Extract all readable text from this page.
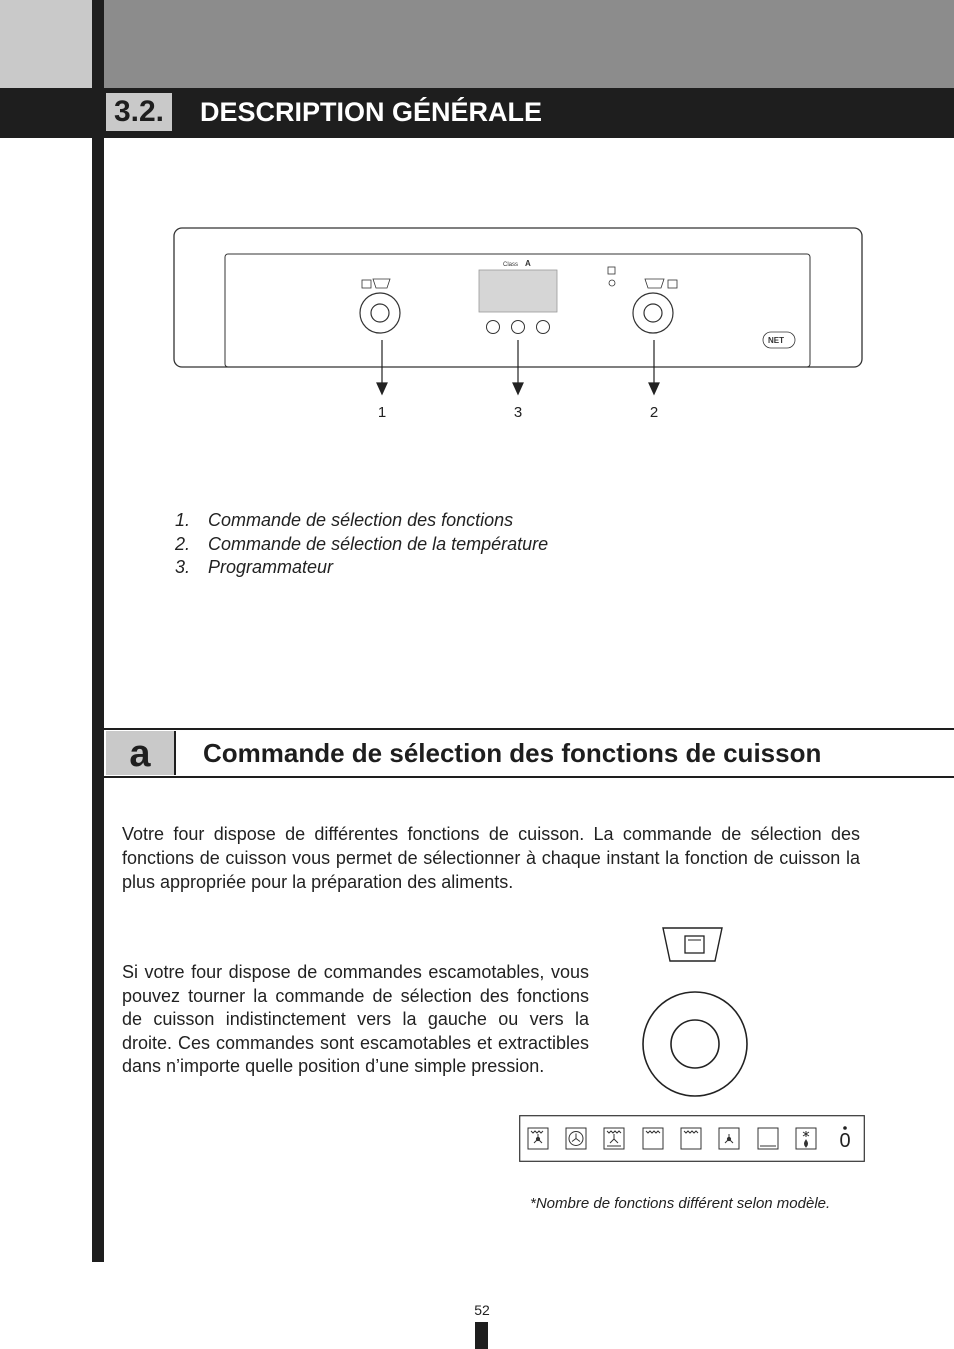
3.2. DESCRIPTION GÉNÉRALE
Class A
NET
1	3	2
1. Commande de sélection des fonctions
2. Commande de sélection de la température
3. Programmateur
a	Commande de sélection des fonctions de cuisson
Votre four dispose de différentes fonctions de cuisson. La commande de sélection des fonctions de cuisson vous permet de sélectionner à chaque instant la fonction de cuisson la plus appropriée pour la préparation des aliments.
Si votre four dispose de commandes escamotables, vous pouvez tourner la commande de sélection des fonctions de cuisson indistinctement vers la gauche ou vers la droite. Ces commandes sont escamotables et extractibles dans n’importe quelle position d’une simple pression.
0
*Nombre de fonctions différent selon modèle.
52
